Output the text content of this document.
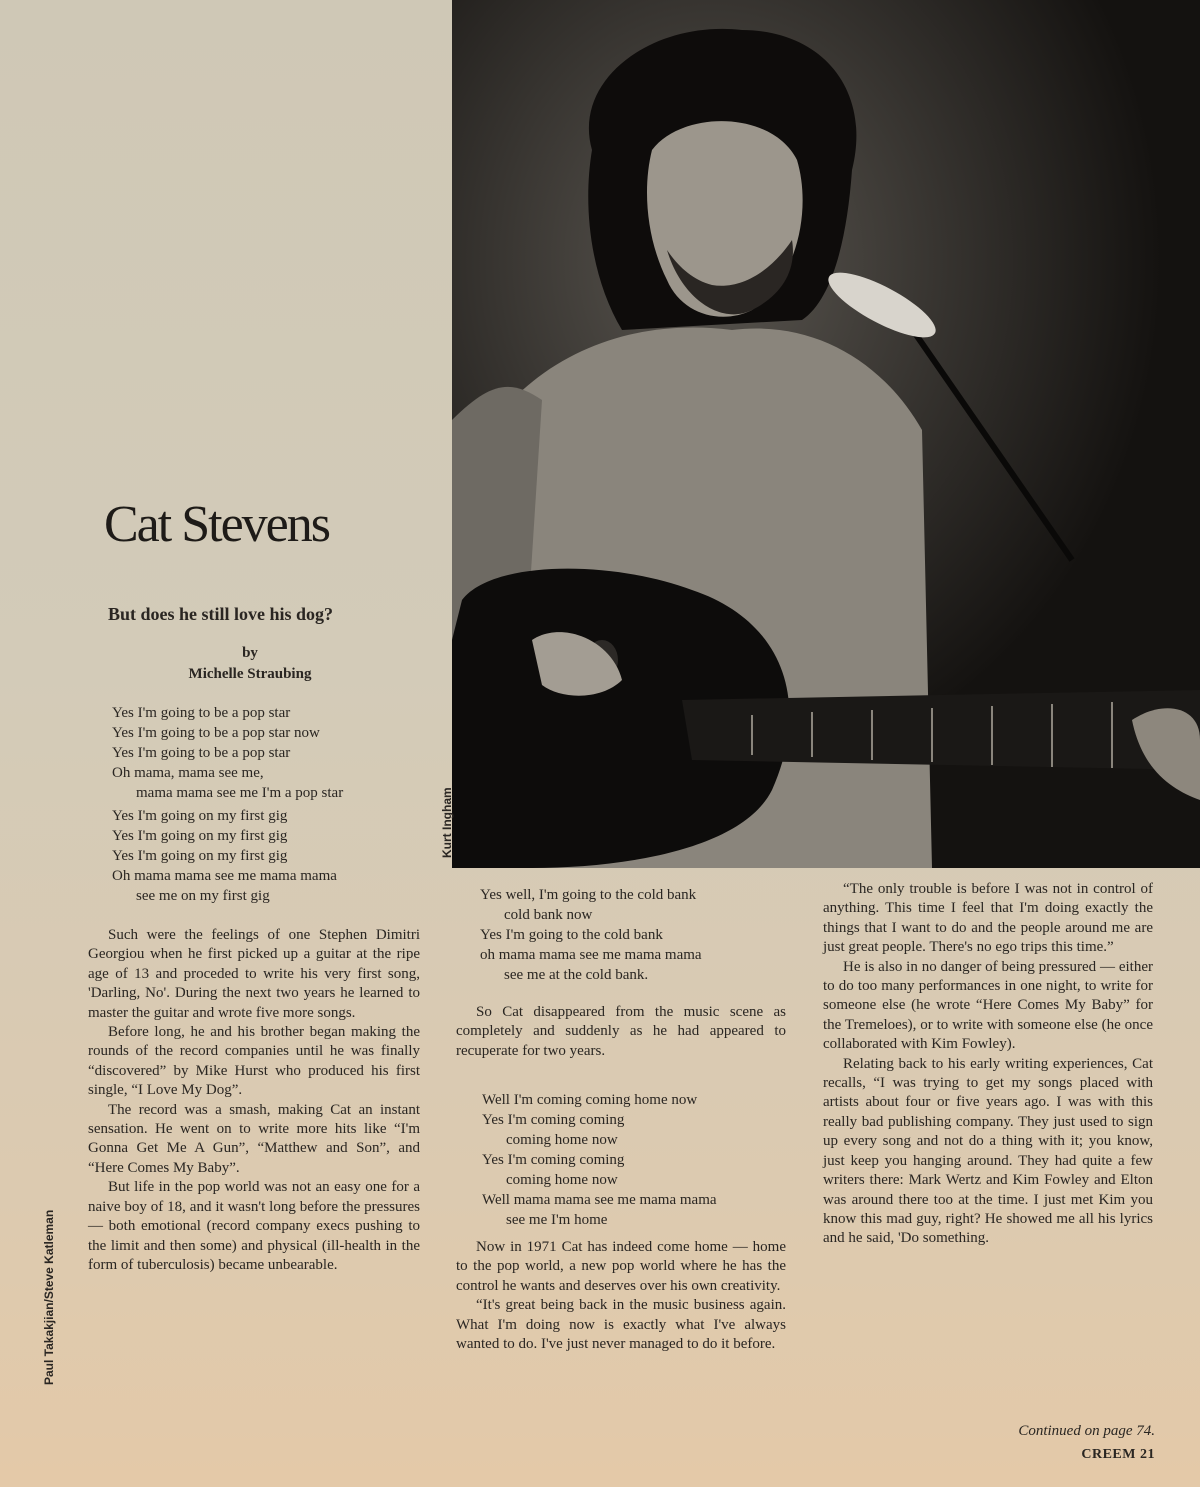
Kurt Ingham
Paul Takakjian/Steve Katleman
Cat Stevens
But does he still love his dog?
by
Michelle Straubing
Yes I'm going to be a pop star
Yes I'm going to be a pop star now
Yes I'm going to be a pop star
Oh mama, mama see me,
mama mama see me I'm a pop star
Yes I'm going on my first gig
Yes I'm going on my first gig
Yes I'm going on my first gig
Oh mama mama see me mama mama
see me on my first gig

Such were the feelings of one Stephen Dimitri Georgiou when he first picked up a guitar at the ripe age of 13 and proceded to write his very first song, 'Darling, No'. During the next two years he learned to master the guitar and wrote five more songs.

Before long, he and his brother began making the rounds of the record companies until he was finally “discovered” by Mike Hurst who produced his first single, “I Love My Dog”.

The record was a smash, making Cat an instant sensation. He went on to write more hits like “I'm Gonna Get Me A Gun”, “Matthew and Son”, and “Here Comes My Baby”.

But life in the pop world was not an easy one for a naive boy of 18, and it wasn't long before the pressures — both emotional (record company execs pushing to the limit and then some) and physical (ill-health in the form of tuberculosis) became unbearable.

Yes well, I'm going to the cold bank
cold bank now
Yes I'm going to the cold bank
oh mama mama see me mama mama
see me at the cold bank.

So Cat disappeared from the music scene as completely and suddenly as he had appeared to recuperate for two years.

Well I'm coming coming home now
Yes I'm coming coming
coming home now
Yes I'm coming coming
coming home now
Well mama mama see me mama mama
see me I'm home

Now in 1971 Cat has indeed come home — home to the pop world, a new pop world where he has the control he wants and deserves over his own creativity.

“It's great being back in the music business again. What I'm doing now is exactly what I've always wanted to do. I've just never managed to do it before.

“The only trouble is before I was not in control of anything. This time I feel that I'm doing exactly the things that I want to do and the people around me are just great people. There's no ego trips this time.”

He is also in no danger of being pressured — either to do too many performances in one night, to write for someone else (he wrote “Here Comes My Baby” for the Tremeloes), or to write with someone else (he once collaborated with Kim Fowley).

Relating back to his early writing experiences, Cat recalls, “I was trying to get my songs placed with artists about four or five years ago. I was with this really bad publishing company. They just used to sign up every song and not do a thing with it; you know, just keep you hanging around. They had quite a few writers there: Mark Wertz and Kim Fowley and Elton was around there too at the time. I just met Kim you know this mad guy, right? He showed me all his lyrics and he said, 'Do something.

Continued on page 74.
CREEM 21
